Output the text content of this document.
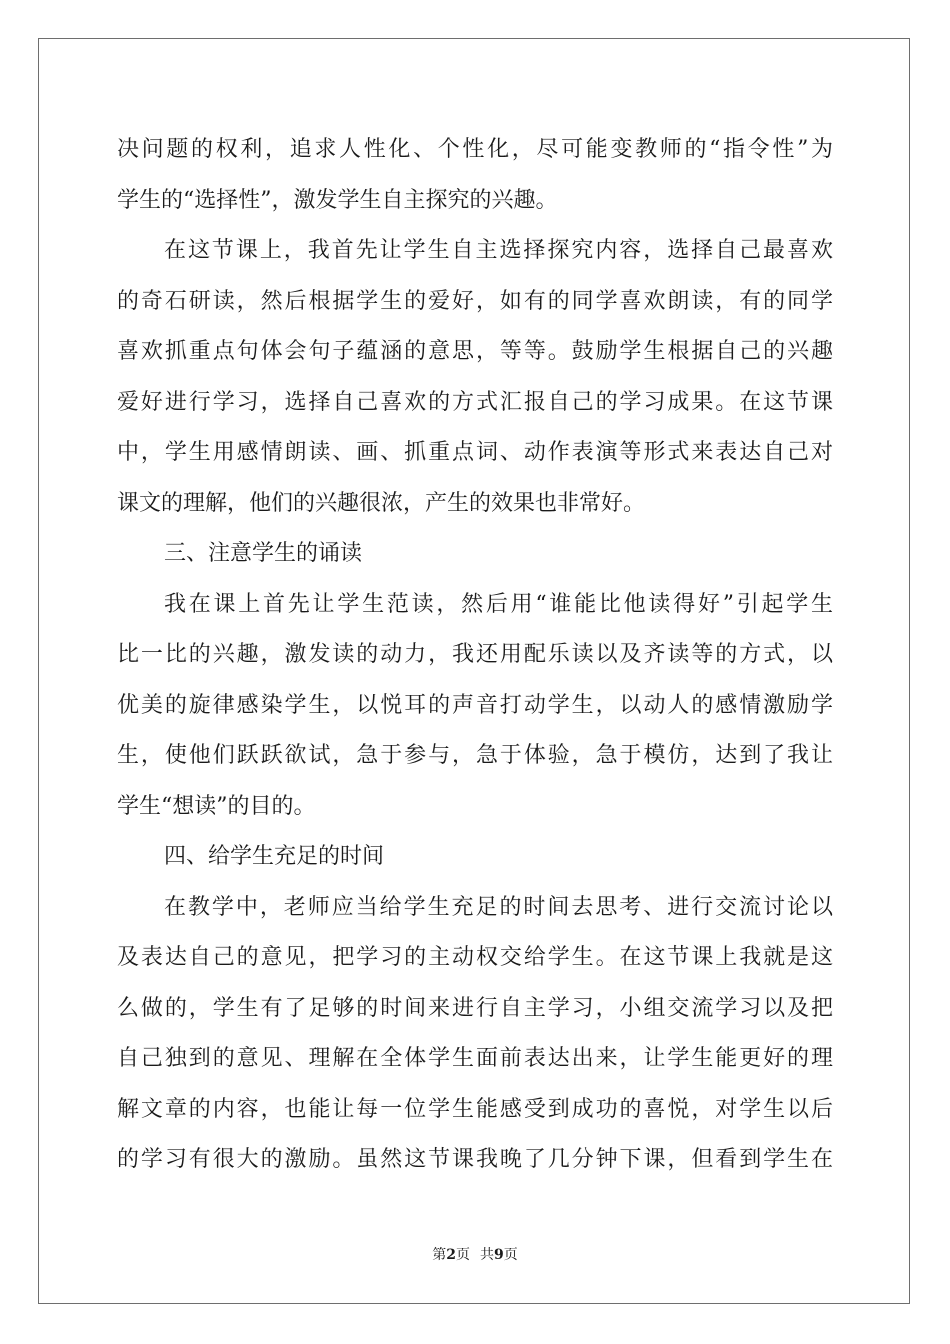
决问题的权利，追求人性化、个性化，尽可能变教师的“指令性”为
学生的“选择性”，激发学生自主探究的兴趣。
在这节课上，我首先让学生自主选择探究内容，选择自己最喜欢
的奇石研读，然后根据学生的爱好，如有的同学喜欢朗读，有的同学
喜欢抓重点句体会句子蕴涵的意思，等等。鼓励学生根据自己的兴趣
爱好进行学习，选择自己喜欢的方式汇报自己的学习成果。在这节课
中，学生用感情朗读、画、抓重点词、动作表演等形式来表达自己对
课文的理解，他们的兴趣很浓，产生的效果也非常好。
三、注意学生的诵读
我在课上首先让学生范读，然后用“谁能比他读得好”引起学生
比一比的兴趣，激发读的动力，我还用配乐读以及齐读等的方式，以
优美的旋律感染学生，以悦耳的声音打动学生，以动人的感情激励学
生，使他们跃跃欲试，急于参与，急于体验，急于模仿，达到了我让
学生“想读”的目的。
四、给学生充足的时间
在教学中，老师应当给学生充足的时间去思考、进行交流讨论以
及表达自己的意见，把学习的主动权交给学生。在这节课上我就是这
么做的，学生有了足够的时间来进行自主学习，小组交流学习以及把
自己独到的意见、理解在全体学生面前表达出来，让学生能更好的理
解文章的内容，也能让每一位学生能感受到成功的喜悦，对学生以后
的学习有很大的激励。虽然这节课我晚了几分钟下课，但看到学生在
第2页 共9页
